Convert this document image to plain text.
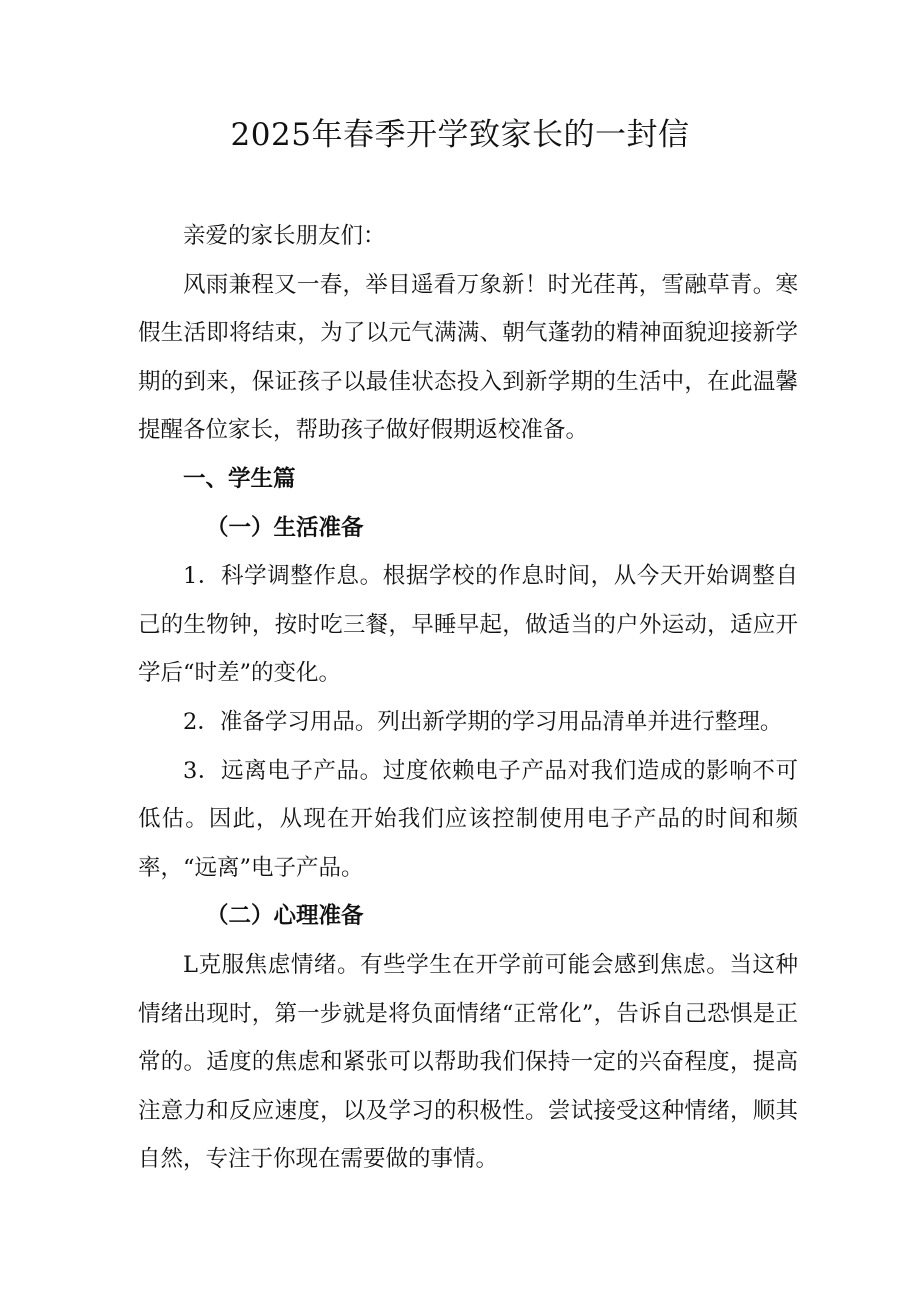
2025年春季开学致家长的一封信

亲爱的家长朋友们：

风雨兼程又一春，举目遥看万象新！时光荏苒，雪融草青。寒假生活即将结束，为了以元气满满、朝气蓬勃的精神面貌迎接新学期的到来，保证孩子以最佳状态投入到新学期的生活中，在此温馨提醒各位家长，帮助孩子做好假期返校准备。

一、学生篇

（一）生活准备

1．科学调整作息。根据学校的作息时间，从今天开始调整自己的生物钟，按时吃三餐，早睡早起，做适当的户外运动，适应开学后“时差”的变化。

2．准备学习用品。列出新学期的学习用品清单并进行整理。

3．远离电子产品。过度依赖电子产品对我们造成的影响不可低估。因此，从现在开始我们应该控制使用电子产品的时间和频率，“远离”电子产品。

（二）心理准备

L克服焦虑情绪。有些学生在开学前可能会感到焦虑。当这种情绪出现时，第一步就是将负面情绪“正常化”，告诉自己恐惧是正常的。适度的焦虑和紧张可以帮助我们保持一定的兴奋程度，提高注意力和反应速度，以及学习的积极性。尝试接受这种情绪，顺其自然，专注于你现在需要做的事情。
